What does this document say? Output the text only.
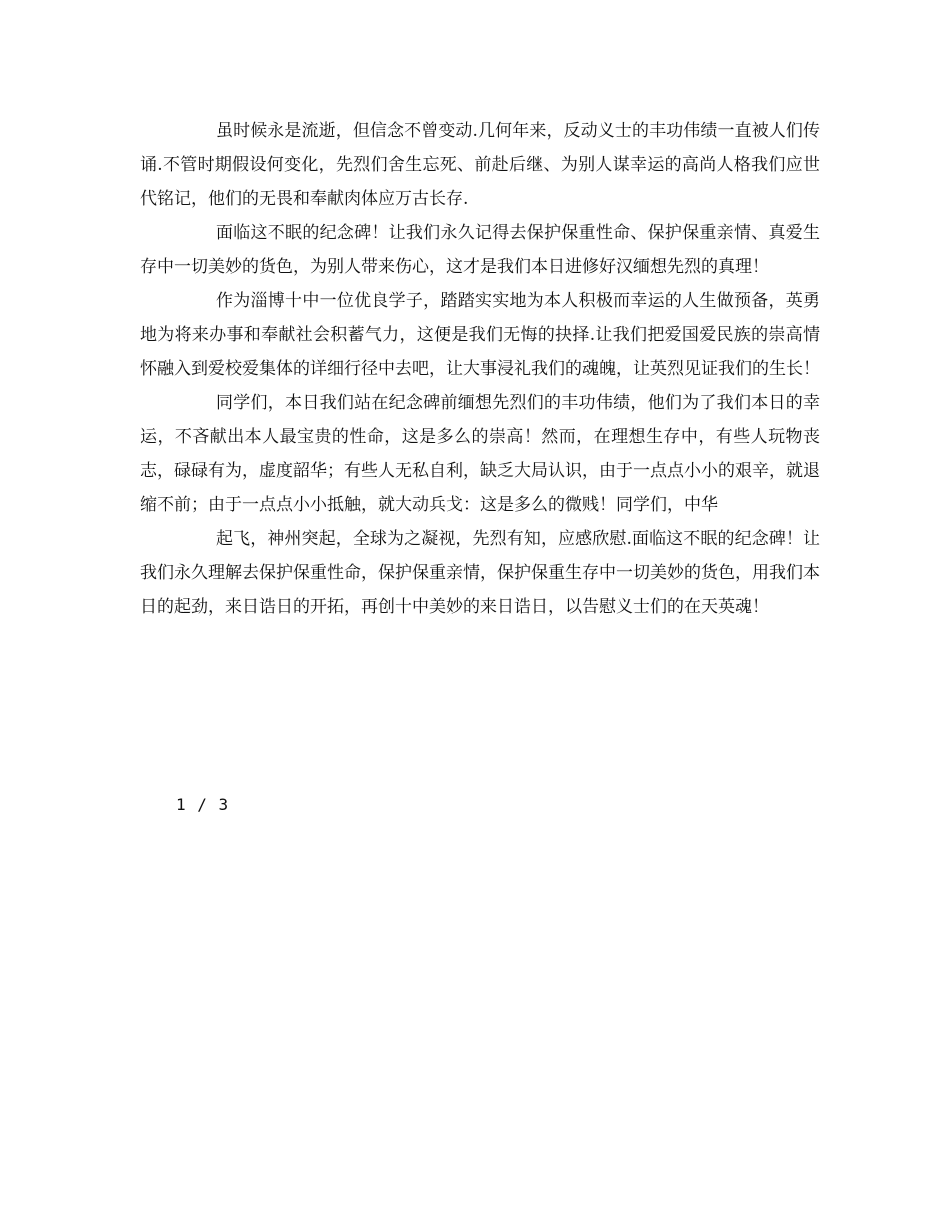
虽时候永是流逝，但信念不曾变动.几何年来，反动义士的丰功伟绩一直被人们传诵.不管时期假设何变化，先烈们舍生忘死、前赴后继、为别人谋幸运的高尚人格我们应世代铭记，他们的无畏和奉献肉体应万古长存.

面临这不眠的纪念碑！让我们永久记得去保护保重性命、保护保重亲情、真爱生存中一切美妙的货色，为别人带来伤心，这才是我们本日进修好汉缅想先烈的真理！

作为淄博十中一位优良学子，踏踏实实地为本人积极而幸运的人生做预备，英勇地为将来办事和奉献社会积蓄气力，这便是我们无悔的抉择.让我们把爱国爱民族的崇高情怀融入到爱校爱集体的详细行径中去吧，让大事浸礼我们的魂魄，让英烈见证我们的生长！

同学们，本日我们站在纪念碑前缅想先烈们的丰功伟绩，他们为了我们本日的幸运，不吝献出本人最宝贵的性命，这是多么的崇高！然而，在理想生存中，有些人玩物丧志，碌碌有为，虚度韶华；有些人无私自利，缺乏大局认识，由于一点点小小的艰辛，就退缩不前；由于一点点小小抵触，就大动兵戈：这是多么的微贱！同学们，中华

起飞，神州突起，全球为之凝视，先烈有知，应感欣慰.面临这不眠的纪念碑！让我们永久理解去保护保重性命，保护保重亲情，保护保重生存中一切美妙的货色，用我们本日的起劲，来日诰日的开拓，再创十中美妙的来日诰日，以告慰义士们的在天英魂！

1 / 3
